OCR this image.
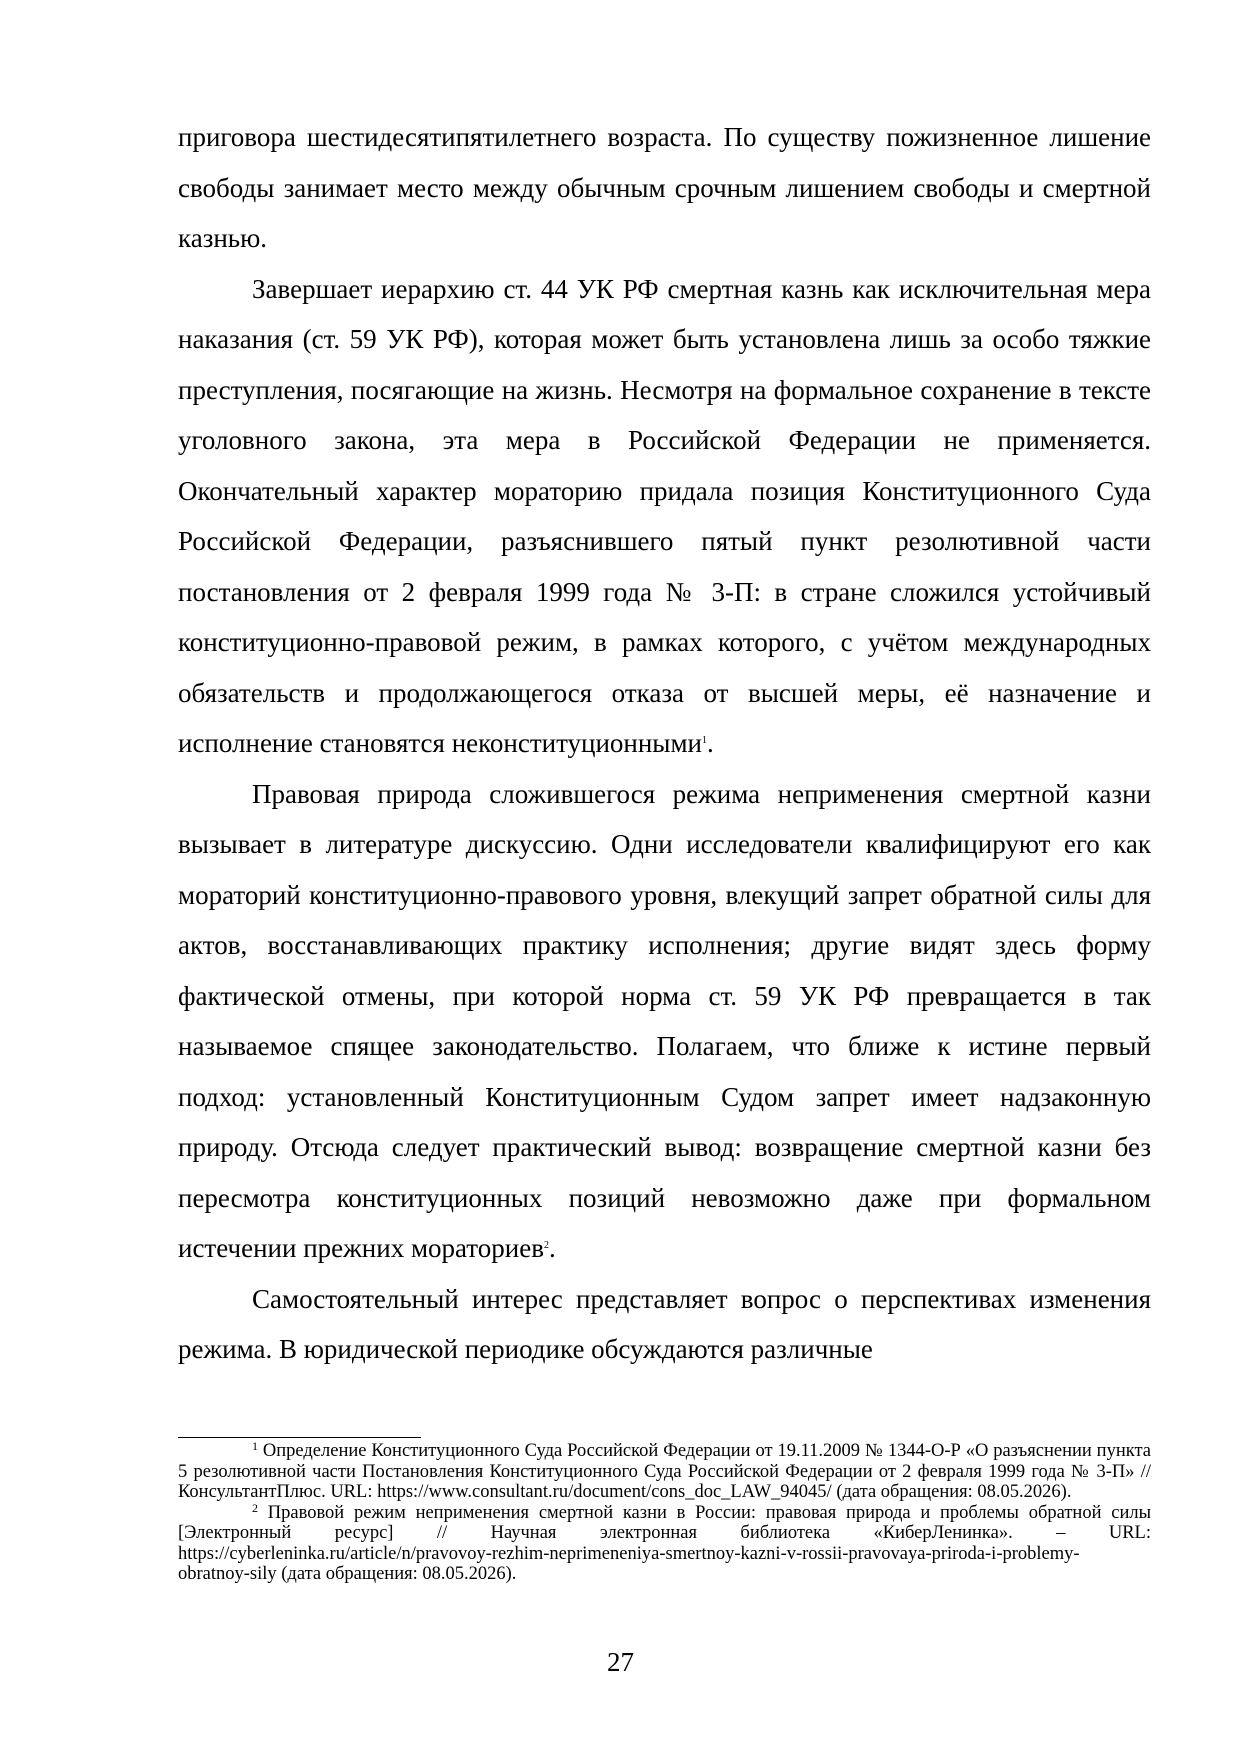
приговора шестидесятипятилетнего возраста. По существу пожизненное лишение свободы занимает место между обычным срочным лишением свободы и смертной казнью.

Завершает иерархию ст. 44 УК РФ смертная казнь как исключительная мера наказания (ст. 59 УК РФ), которая может быть установлена лишь за особо тяжкие преступления, посягающие на жизнь. Несмотря на формальное сохранение в тексте уголовного закона, эта мера в Российской Федерации не применяется. Окончательный характер мораторию придала позиция Конституционного Суда Российской Федерации, разъяснившего пятый пункт резолютивной части постановления от 2 февраля 1999 года № 3-П: в стране сложился устойчивый конституционно-правовой режим, в рамках которого, с учётом международных обязательств и продолжающегося отказа от высшей меры, её назначение и исполнение становятся неконституционными$^1$.

Правовая природа сложившегося режима неприменения смертной казни вызывает в литературе дискуссию. Одни исследователи квалифицируют его как мораторий конституционно-правового уровня, влекущий запрет обратной силы для актов, восстанавливающих практику исполнения; другие видят здесь форму фактической отмены, при которой норма ст. 59 УК РФ превращается в так называемое спящее законодательство. Полагаем, что ближе к истине первый подход: установленный Конституционным Судом запрет имеет надзаконную природу. Отсюда следует практический вывод: возвращение смертной казни без пересмотра конституционных позиций невозможно даже при формальном истечении прежних мораториев$^2$.

Самостоятельный интерес представляет вопрос о перспективах изменения режима. В юридической периодике обсуждаются различные

$^1$ Определение Конституционного Суда Российской Федерации от 19.11.2009 № 1344-О-Р «О разъяснении пункта 5 резолютивной части Постановления Конституционного Суда Российской Федерации от 2 февраля 1999 года № 3-П» // КонсультантПлюс. URL: https://www.consultant.ru/document/cons_doc_LAW_94045/ (дата обращения: 08.05.2026).

$^2$ Правовой режим неприменения смертной казни в России: правовая природа и проблемы обратной силы [Электронный ресурс] // Научная электронная библиотека «КиберЛенинка». – URL: https://cyberleninka.ru/article/n/pravovoy-rezhim-neprimeneniya-smertnoy-kazni-v-rossii-pravovaya-priroda-i-problemy-obratnoy-sily (дата обращения: 08.05.2026).

27
